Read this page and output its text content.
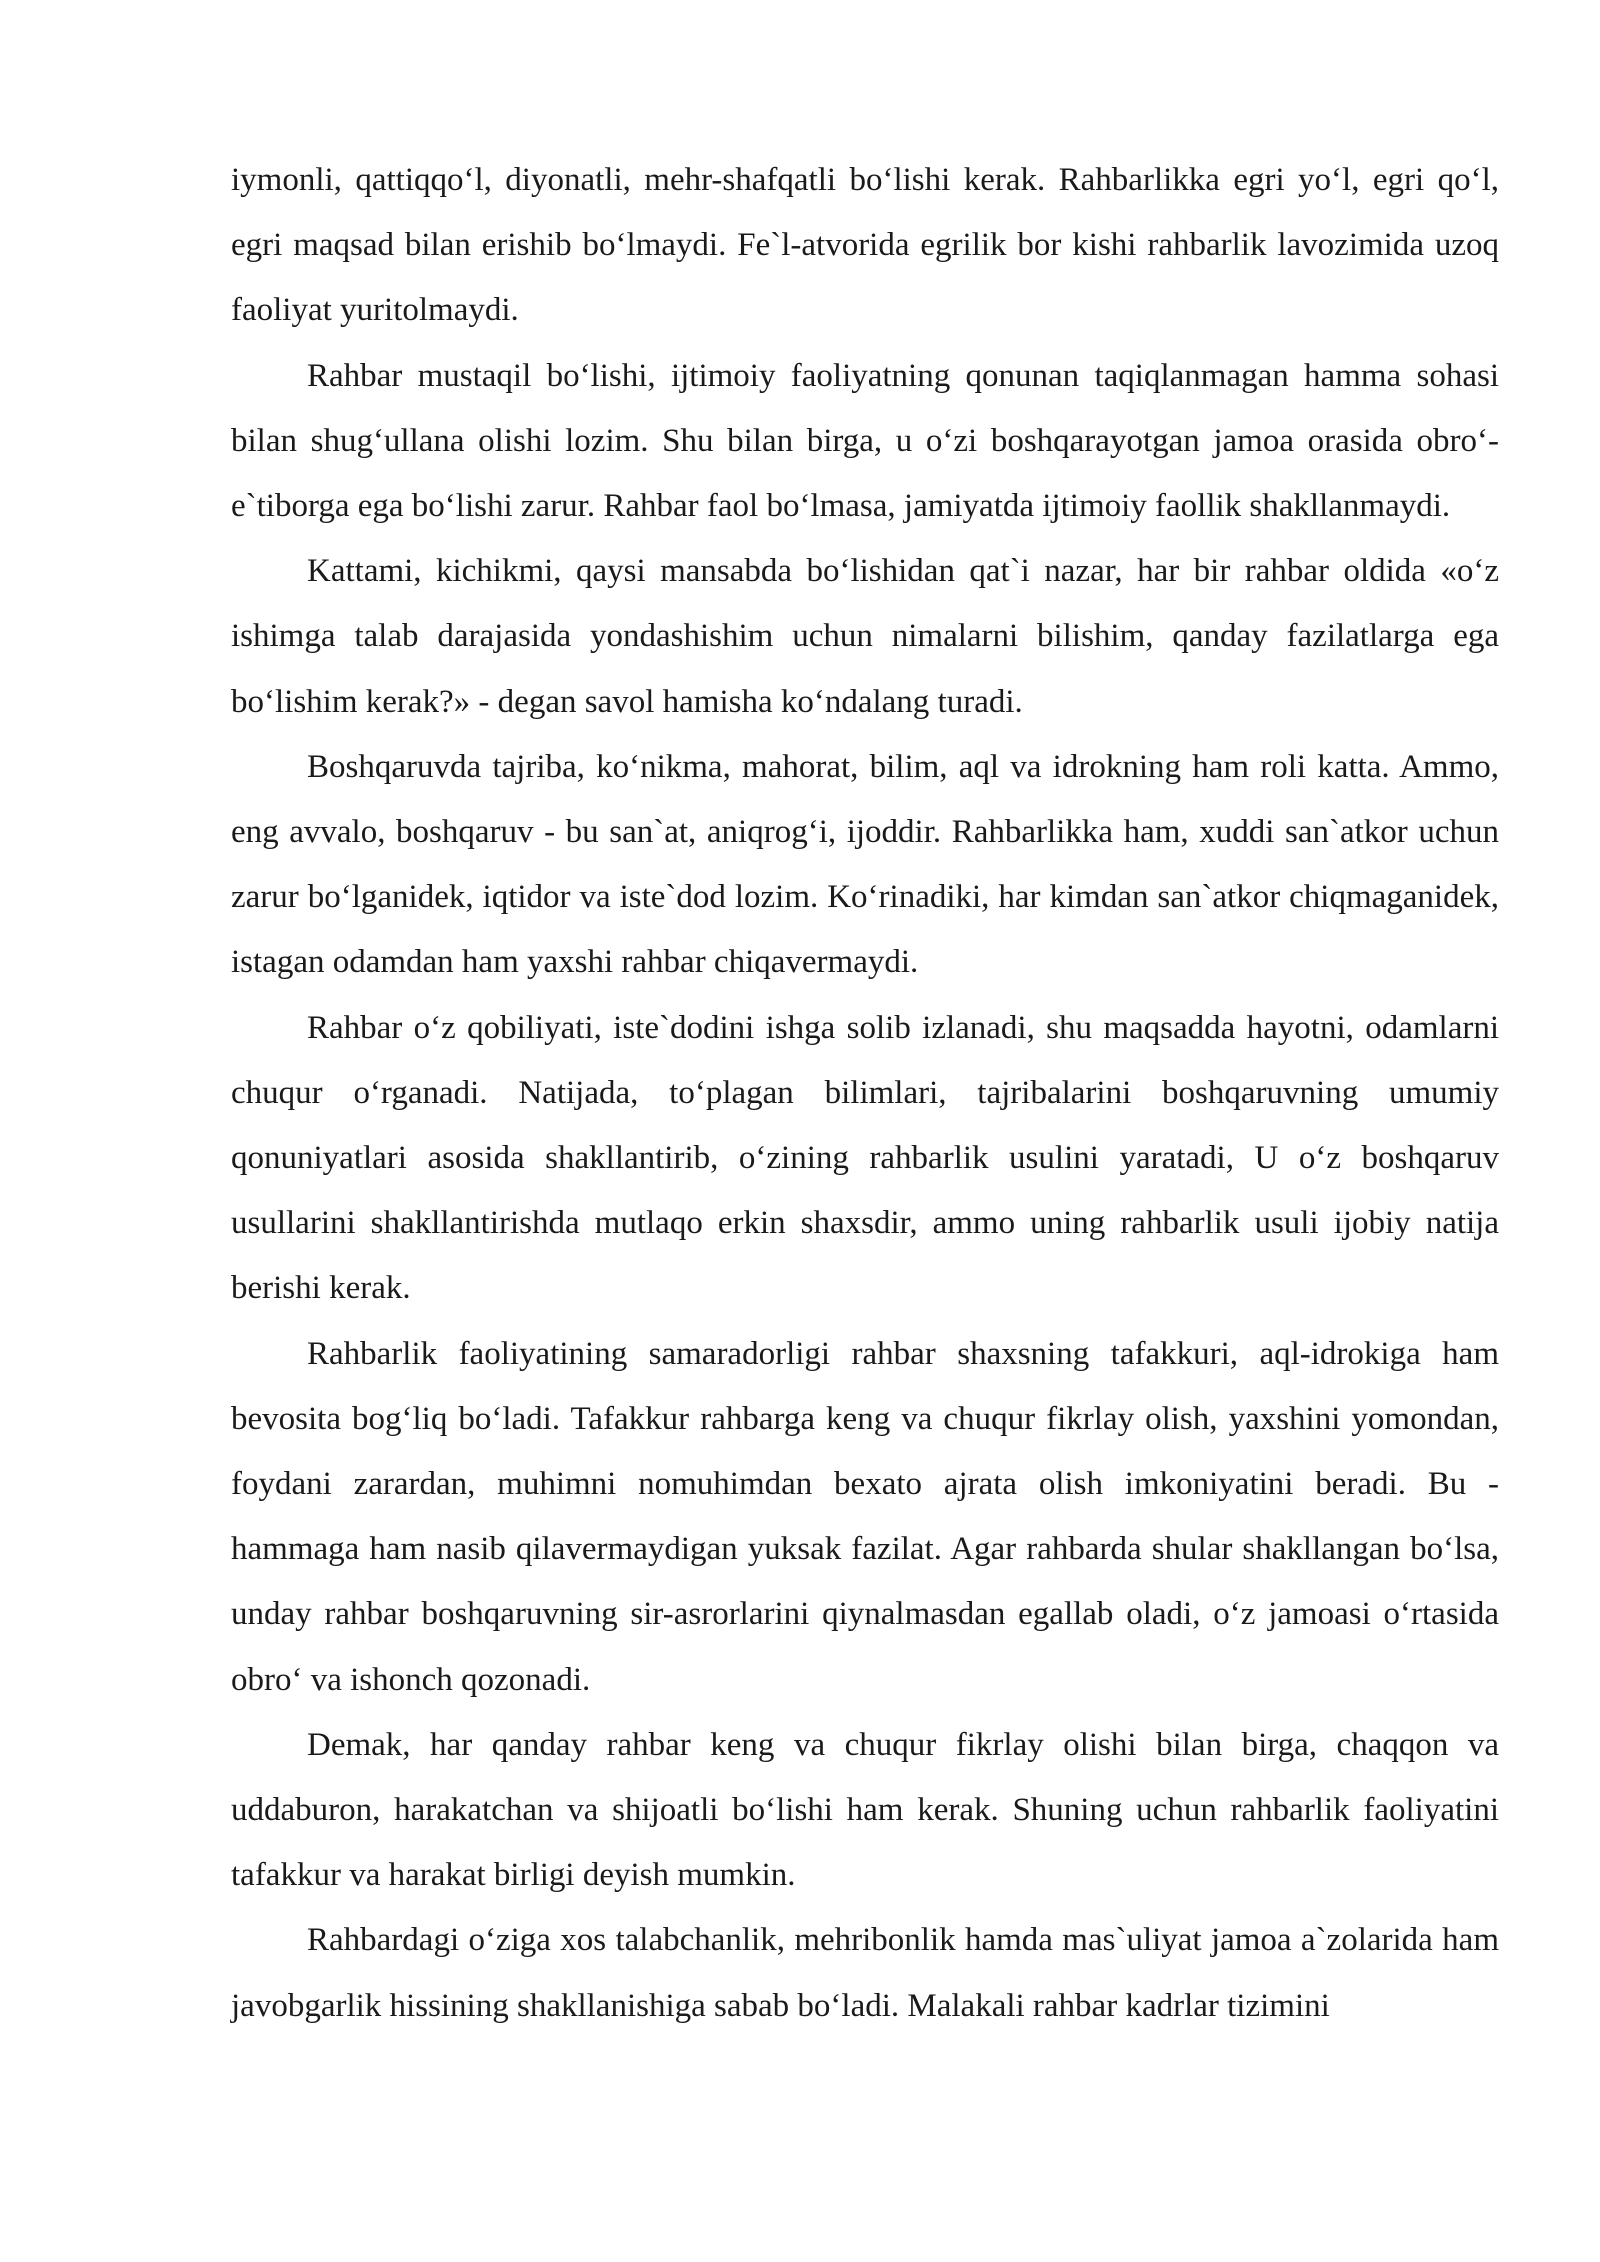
iymonli, qattiqqo‘l, diyonatli, mehr-shafqatli bo‘lishi kerak. Rahbarlikka egri yo‘l, egri qo‘l, egri maqsad bilan erishib bo‘lmaydi. Fe`l-atvorida egrilik bor kishi rahbarlik lavozimida uzoq faoliyat yuritolmaydi.

Rahbar mustaqil bo‘lishi, ijtimoiy faoliyatning qonunan taqiqlanmagan hamma sohasi bilan shug‘ullana olishi lozim. Shu bilan birga, u o‘zi boshqarayotgan jamoa orasida obro‘-e`tiborga ega bo‘lishi zarur. Rahbar faol bo‘lmasa, jamiyatda ijtimoiy faollik shakllanmaydi.

Kattami, kichikmi, qaysi mansabda bo‘lishidan qat`i nazar, har bir rahbar oldida «o‘z ishimga talab darajasida yondashishim uchun nimalarni bilishim, qanday fazilatlarga ega bo‘lishim kerak?» - degan savol hamisha ko‘ndalang turadi.

Boshqaruvda tajriba, ko‘nikma, mahorat, bilim, aql va idrokning ham roli katta. Ammo, eng avvalo, boshqaruv - bu san`at, aniqrog‘i, ijoddir. Rahbarlikka ham, xuddi san`atkor uchun zarur bo‘lganidek, iqtidor va iste`dod lozim. Ko‘rinadiki, har kimdan san`atkor chiqmaganidek, istagan odamdan ham yaxshi rahbar chiqavermaydi.

Rahbar o‘z qobiliyati, iste`dodini ishga solib izlanadi, shu maqsadda hayotni, odamlarni chuqur o‘rganadi. Natijada, to‘plagan bilimlari, tajribalarini boshqaruvning umumiy qonuniyatlari asosida shakllantirib, o‘zining rahbarlik usulini yaratadi, U o‘z boshqaruv usullarini shakllantirishda mutlaqo erkin shaxsdir, ammo uning rahbarlik usuli ijobiy natija berishi kerak.

Rahbarlik faoliyatining samaradorligi rahbar shaxsning tafakkuri, aql-idrokiga ham bevosita bog‘liq bo‘ladi. Tafakkur rahbarga keng va chuqur fikrlay olish, yaxshini yomondan, foydani zarardan, muhimni nomuhimdan bexato ajrata olish imkoniyatini beradi. Bu - hammaga ham nasib qilavermaydigan yuksak fazilat. Agar rahbarda shular shakllangan bo‘lsa, unday rahbar boshqaruvning sir-asrorlarini qiynalmasdan egallab oladi, o‘z jamoasi o‘rtasida obro‘ va ishonch qozonadi.

Demak, har qanday rahbar keng va chuqur fikrlay olishi bilan birga, chaqqon va uddaburon, harakatchan va shijoatli bo‘lishi ham kerak. Shuning uchun rahbarlik faoliyatini tafakkur va harakat birligi deyish mumkin.

Rahbardagi o‘ziga xos talabchanlik, mehribonlik hamda mas`uliyat jamoa a`zolarida ham javobgarlik hissining shakllanishiga sabab bo‘ladi. Malakali rahbar kadrlar tizimini
